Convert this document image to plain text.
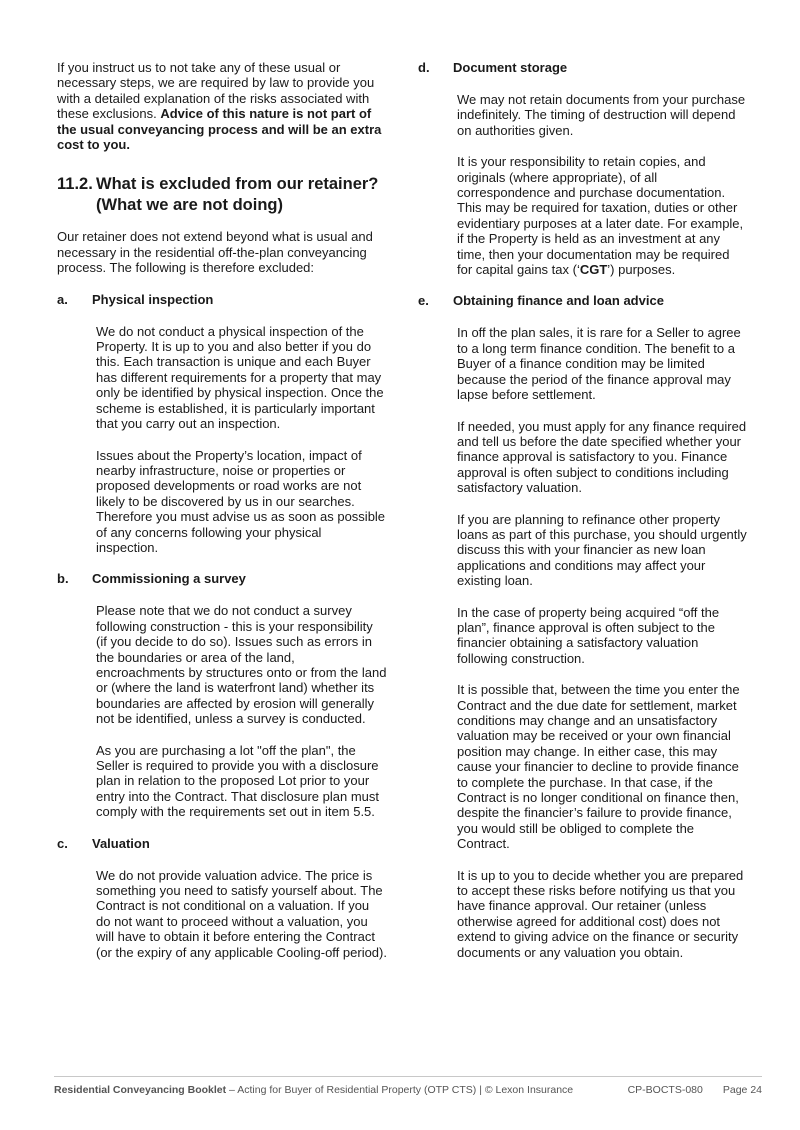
If you instruct us to not take any of these usual or necessary steps, we are required by law to provide you with a detailed explanation of the risks associated with these exclusions. Advice of this nature is not part of the usual conveyancing process and will be an extra cost to you.

11.2. What is excluded from our retainer? (What we are not doing)

Our retainer does not extend beyond what is usual and necessary in the residential off-the-plan conveyancing process. The following is therefore excluded:

a.	Physical inspection

We do not conduct a physical inspection of the Property. It is up to you and also better if you do this. Each transaction is unique and each Buyer has different requirements for a property that may only be identified by physical inspection. Once the scheme is established, it is particularly important that you carry out an inspection.

Issues about the Property’s location, impact of nearby infrastructure, noise or properties or proposed developments or road works are not likely to be discovered by us in our searches. Therefore you must advise us as soon as possible of any concerns following your physical inspection.

b.	Commissioning a survey

Please note that we do not conduct a survey following construction - this is your responsibility (if you decide to do so). Issues such as errors in the boundaries or area of the land, encroachments by structures onto or from the land or (where the land is waterfront land) whether its boundaries are affected by erosion will generally not be identified, unless a survey is conducted.

As you are purchasing a lot "off the plan", the Seller is required to provide you with a disclosure plan in relation to the proposed Lot prior to your entry into the Contract. That disclosure plan must comply with the requirements set out in item 5.5.

c.	Valuation

We do not provide valuation advice. The price is something you need to satisfy yourself about. The Contract is not conditional on a valuation. If you do not want to proceed without a valuation, you will have to obtain it before entering the Contract (or the expiry of any applicable Cooling-off period).

d.	Document storage

We may not retain documents from your purchase indefinitely. The timing of destruction will depend on authorities given.

It is your responsibility to retain copies, and originals (where appropriate), of all correspondence and purchase documentation. This may be required for taxation, duties or other evidentiary purposes at a later date. For example, if the Property is held as an investment at any time, then your documentation may be required for capital gains tax (‘CGT’) purposes.

e.	Obtaining finance and loan advice

In off the plan sales, it is rare for a Seller to agree to a long term finance condition. The benefit to a Buyer of a finance condition may be limited because the period of the finance approval may lapse before settlement.

If needed, you must apply for any finance required and tell us before the date specified whether your finance approval is satisfactory to you. Finance approval is often subject to conditions including satisfactory valuation.

If you are planning to refinance other property loans as part of this purchase, you should urgently discuss this with your financier as new loan applications and conditions may affect your existing loan.

In the case of property being acquired “off the plan”, finance approval is often subject to the financier obtaining a satisfactory valuation following construction.

It is possible that, between the time you enter the Contract and the due date for settlement, market conditions may change and an unsatisfactory valuation may be received or your own financial position may change. In either case, this may cause your financier to decline to provide finance to complete the purchase. In that case, if the Contract is no longer conditional on finance then, despite the financier’s failure to provide finance, you would still be obliged to complete the Contract.

It is up to you to decide whether you are prepared to accept these risks before notifying us that you have finance approval. Our retainer (unless otherwise agreed for additional cost) does not extend to giving advice on the finance or security documents or any valuation you obtain.

Residential Conveyancing Booklet – Acting for Buyer of Residential Property (OTP CTS) | © Lexon Insurance	CP-BOCTS-080 Page 24
